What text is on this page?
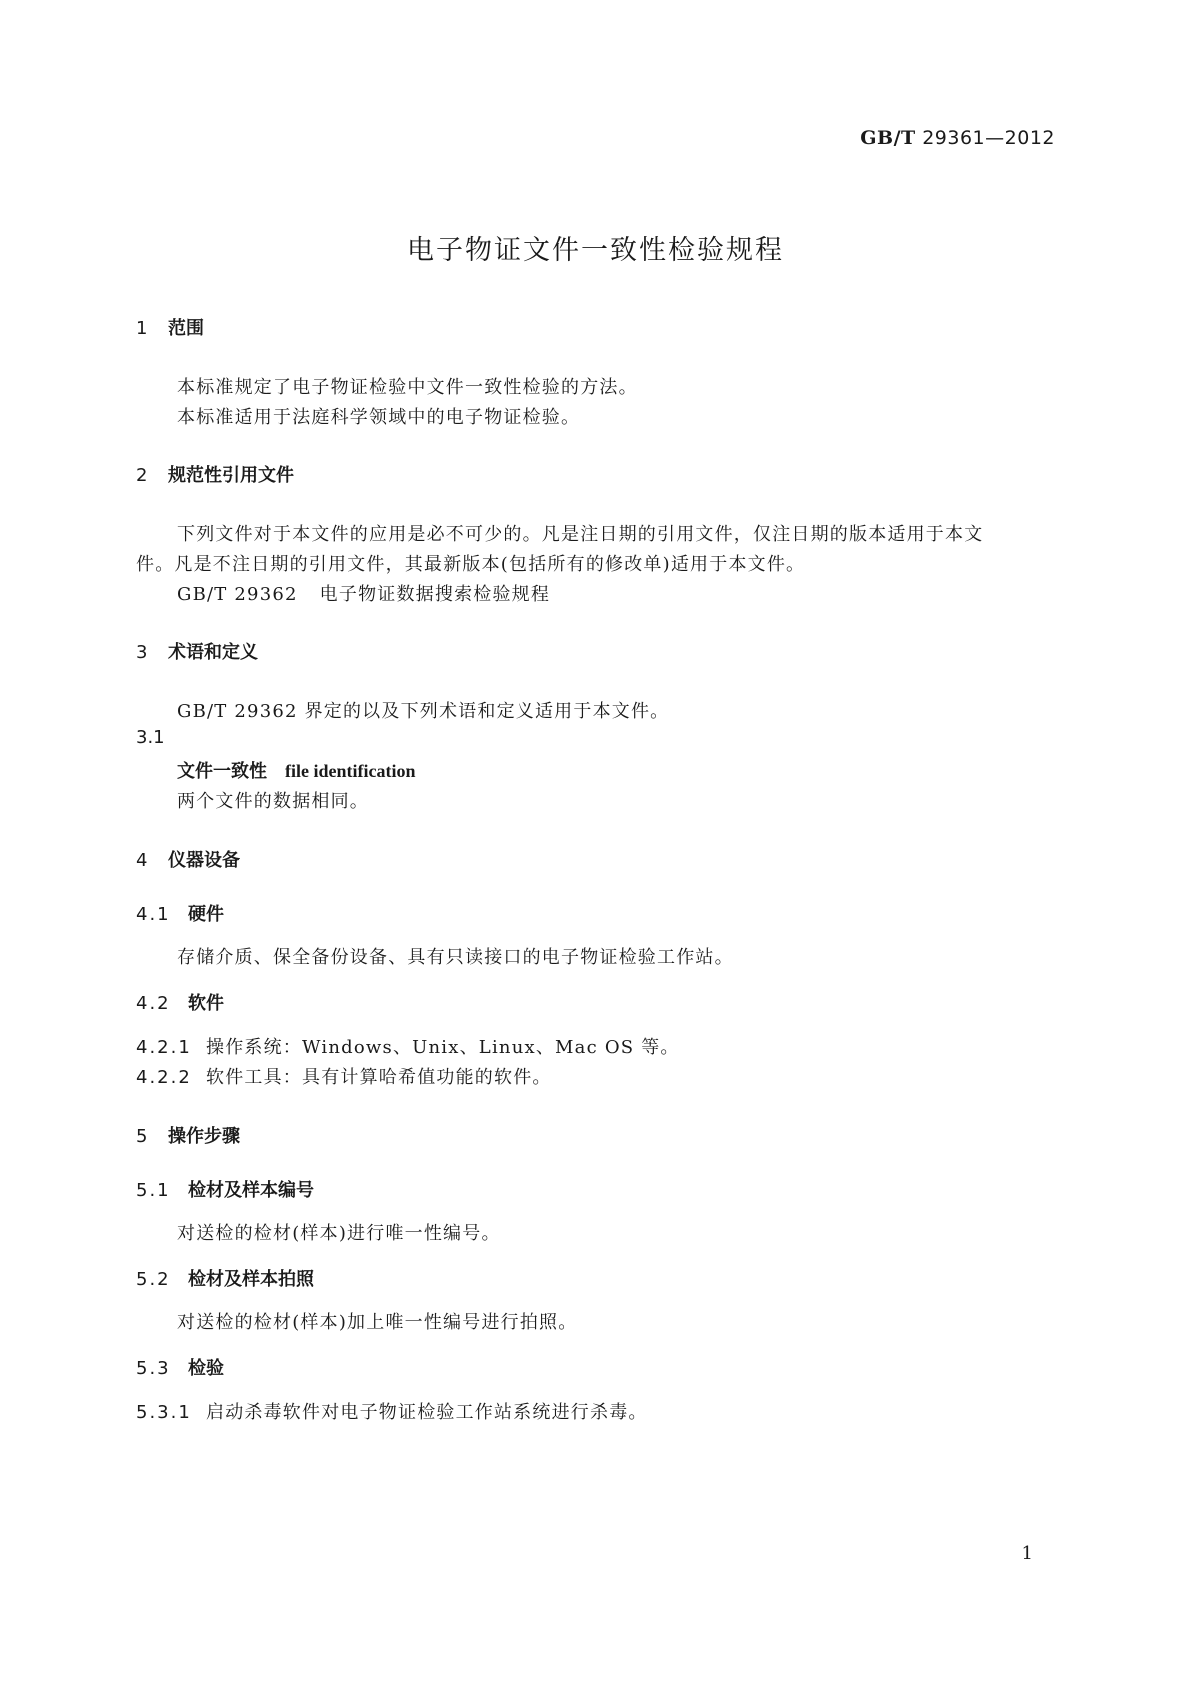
GB/T 29361—2012
电子物证文件一致性检验规程
1 范围
本标准规定了电子物证检验中文件一致性检验的方法。
本标准适用于法庭科学领域中的电子物证检验。
2 规范性引用文件
下列文件对于本文件的应用是必不可少的。凡是注日期的引用文件，仅注日期的版本适用于本文
件。凡是不注日期的引用文件，其最新版本(包括所有的修改单)适用于本文件。
GB/T 29362 电子物证数据搜索检验规程
3 术语和定义
GB/T 29362 界定的以及下列术语和定义适用于本文件。
3.1
文件一致性 file identification
两个文件的数据相同。
4 仪器设备
4.1 硬件
存储介质、保全备份设备、具有只读接口的电子物证检验工作站。
4.2 软件
4.2.1 操作系统：Windows、Unix、Linux、Mac OS 等。
4.2.2 软件工具：具有计算哈希值功能的软件。
5 操作步骤
5.1 检材及样本编号
对送检的检材(样本)进行唯一性编号。
5.2 检材及样本拍照
对送检的检材(样本)加上唯一性编号进行拍照。
5.3 检验
5.3.1 启动杀毒软件对电子物证检验工作站系统进行杀毒。
1
